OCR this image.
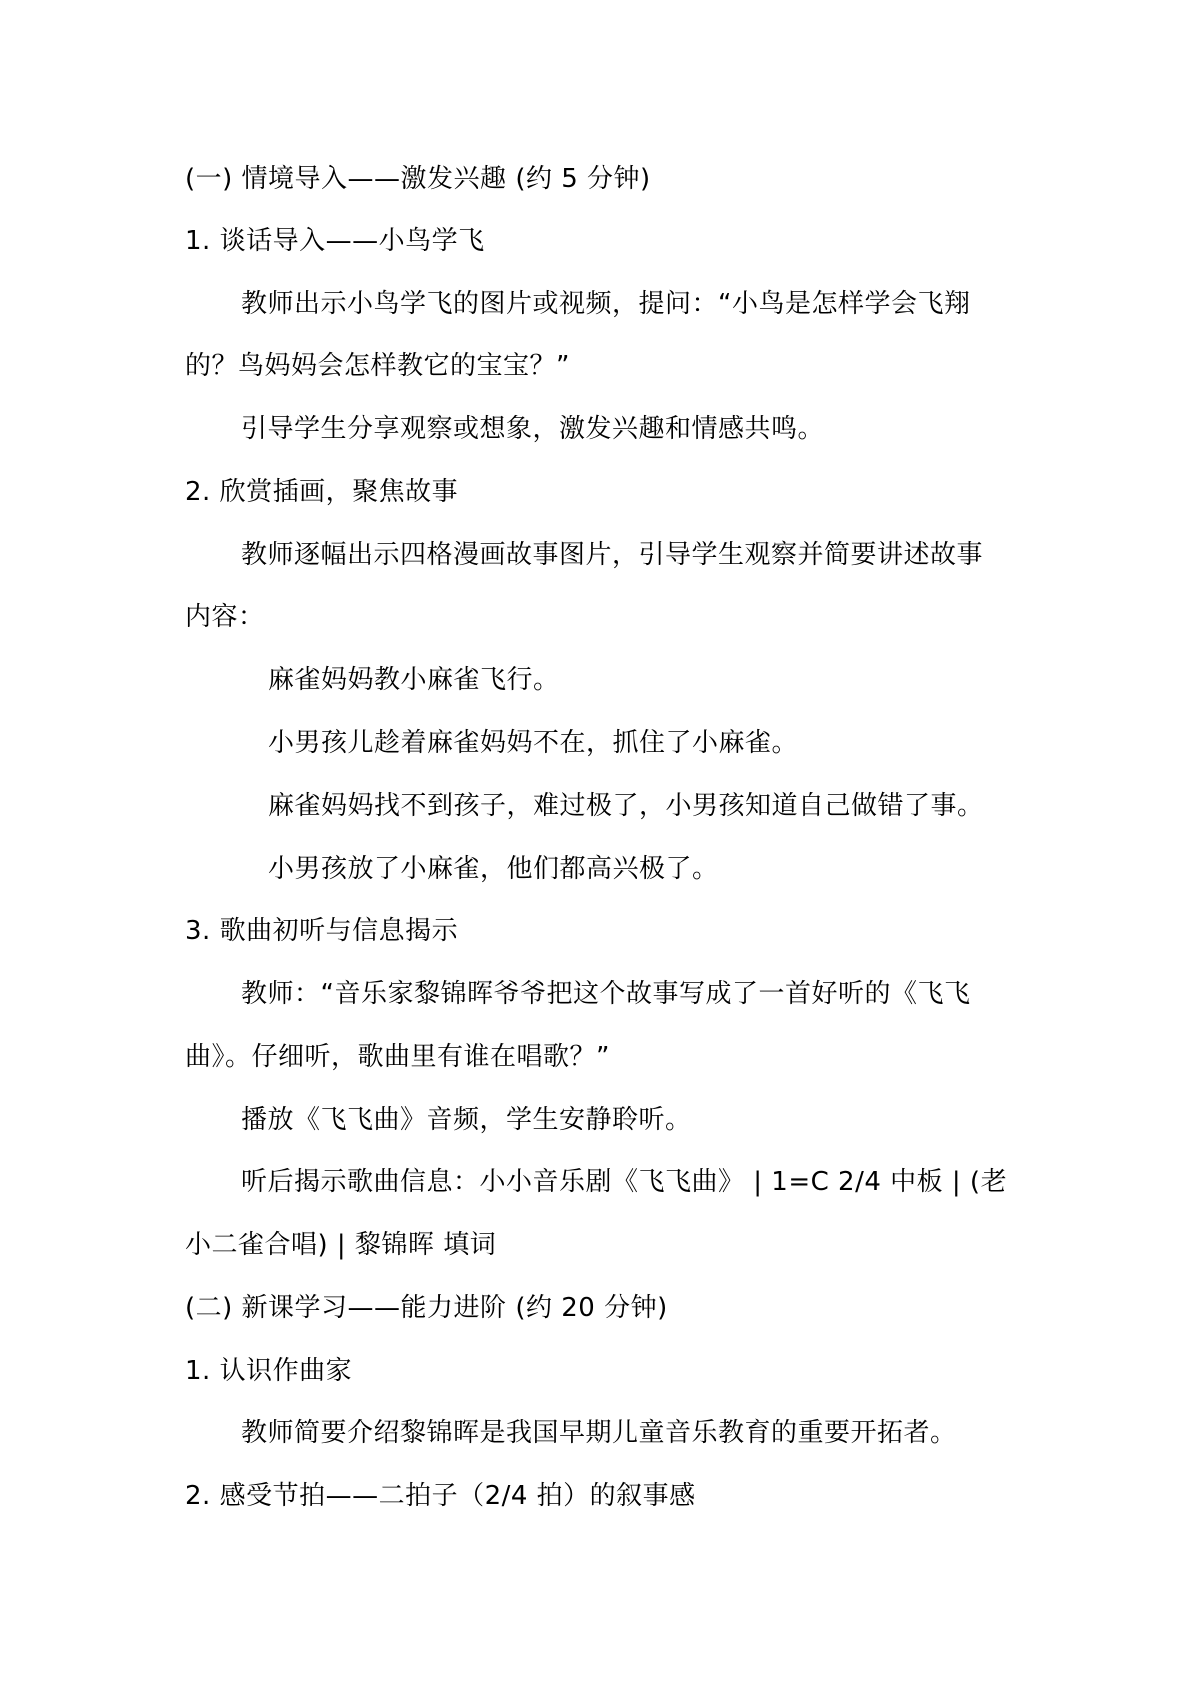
(一) 情境导入——激发兴趣 (约 5 分钟)
1. 谈话导入——小鸟学飞
教师出示小鸟学飞的图片或视频，提问：“小鸟是怎样学会飞翔
的？鸟妈妈会怎样教它的宝宝？”
引导学生分享观察或想象，激发兴趣和情感共鸣。
2. 欣赏插画，聚焦故事
教师逐幅出示四格漫画故事图片，引导学生观察并简要讲述故事
内容：
麻雀妈妈教小麻雀飞行。
小男孩儿趁着麻雀妈妈不在，抓住了小麻雀。
麻雀妈妈找不到孩子，难过极了，小男孩知道自己做错了事。
小男孩放了小麻雀，他们都高兴极了。
3. 歌曲初听与信息揭示
教师：“音乐家黎锦晖爷爷把这个故事写成了一首好听的《飞飞
曲》。仔细听，歌曲里有谁在唱歌？”
播放《飞飞曲》音频，学生安静聆听。
听后揭示歌曲信息：小小音乐剧《飞飞曲》 | 1=C 2/4 中板 | (老
小二雀合唱) | 黎锦晖 填词
(二) 新课学习——能力进阶 (约 20 分钟)
1. 认识作曲家
教师简要介绍黎锦晖是我国早期儿童音乐教育的重要开拓者。
2. 感受节拍——二拍子（2/4 拍）的叙事感
